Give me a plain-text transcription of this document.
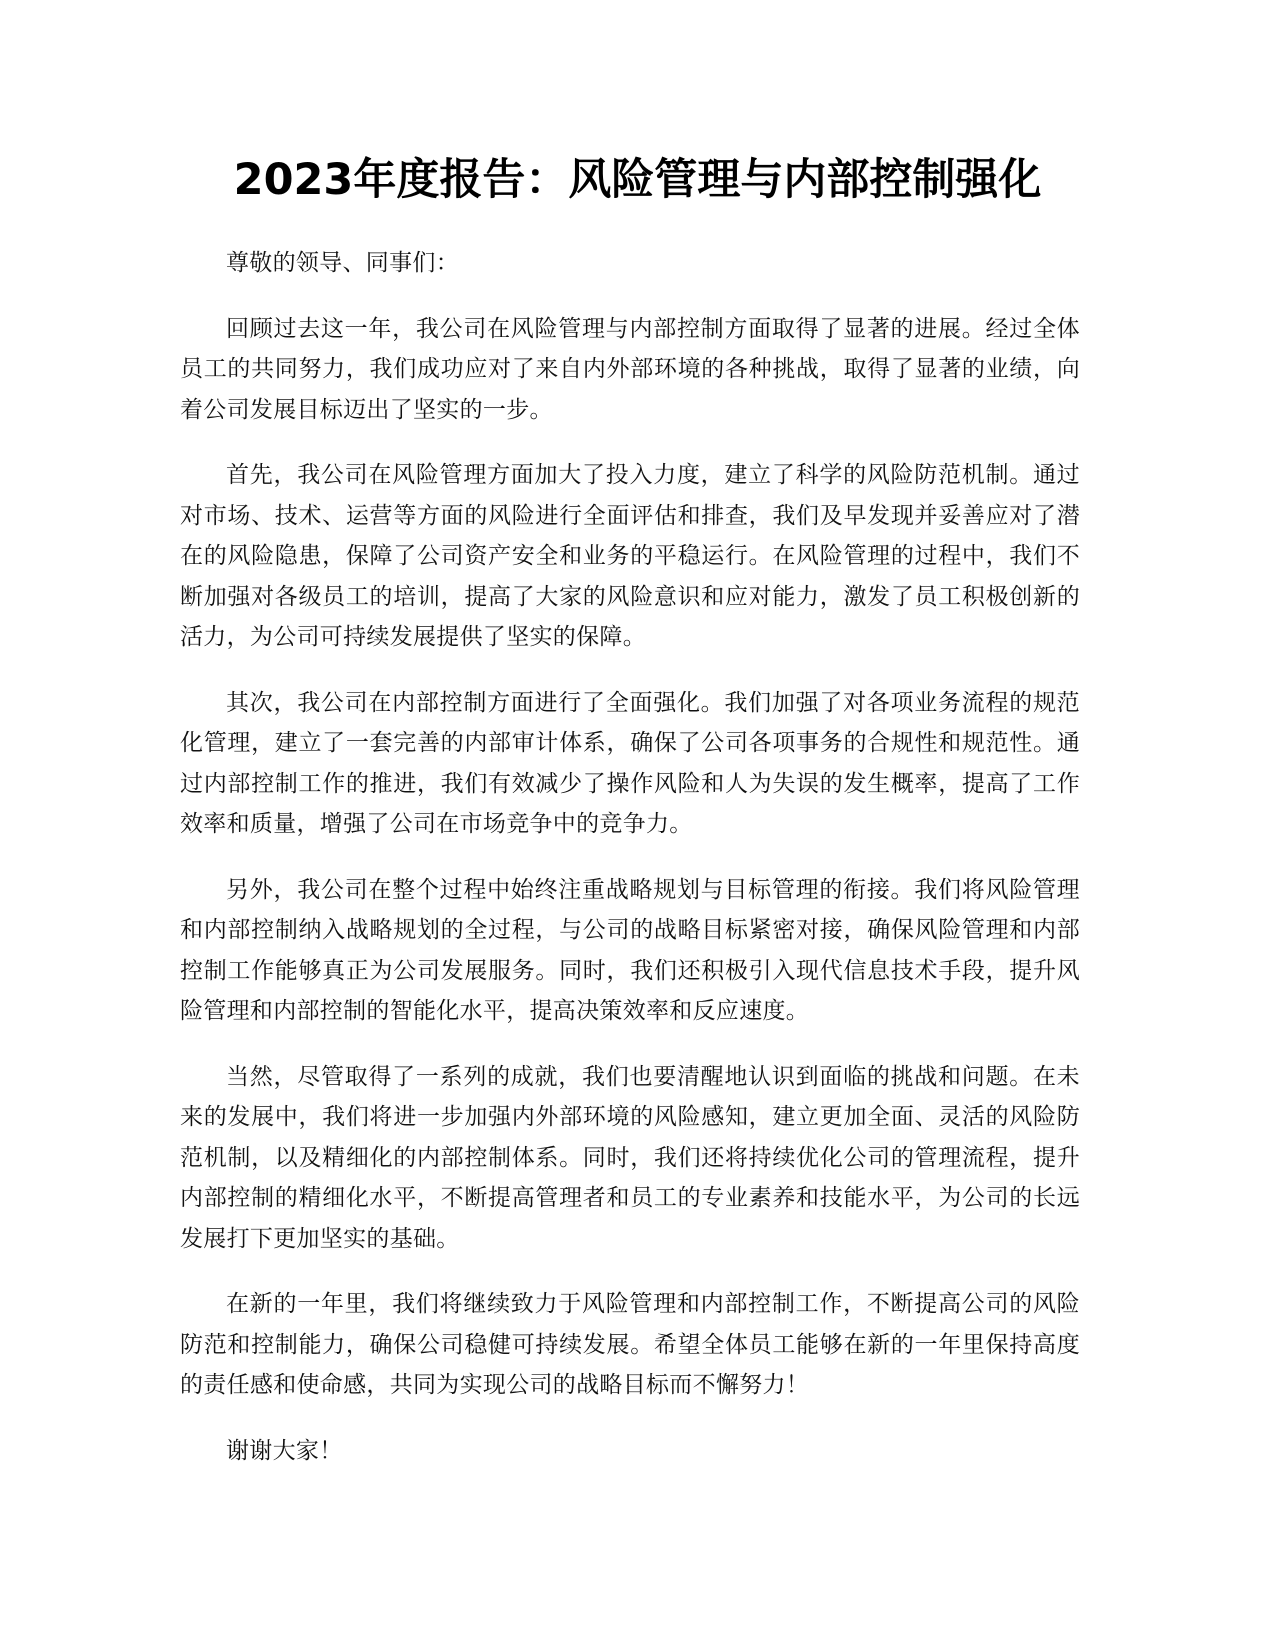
2023年度报告：风险管理与内部控制强化

尊敬的领导、同事们：

回顾过去这一年，我公司在风险管理与内部控制方面取得了显著的进展。经过全体员工的共同努力，我们成功应对了来自内外部环境的各种挑战，取得了显著的业绩，向着公司发展目标迈出了坚实的一步。

首先，我公司在风险管理方面加大了投入力度，建立了科学的风险防范机制。通过对市场、技术、运营等方面的风险进行全面评估和排查，我们及早发现并妥善应对了潜在的风险隐患，保障了公司资产安全和业务的平稳运行。在风险管理的过程中，我们不断加强对各级员工的培训，提高了大家的风险意识和应对能力，激发了员工积极创新的活力，为公司可持续发展提供了坚实的保障。

其次，我公司在内部控制方面进行了全面强化。我们加强了对各项业务流程的规范化管理，建立了一套完善的内部审计体系，确保了公司各项事务的合规性和规范性。通过内部控制工作的推进，我们有效减少了操作风险和人为失误的发生概率，提高了工作效率和质量，增强了公司在市场竞争中的竞争力。

另外，我公司在整个过程中始终注重战略规划与目标管理的衔接。我们将风险管理和内部控制纳入战略规划的全过程，与公司的战略目标紧密对接，确保风险管理和内部控制工作能够真正为公司发展服务。同时，我们还积极引入现代信息技术手段，提升风险管理和内部控制的智能化水平，提高决策效率和反应速度。

当然，尽管取得了一系列的成就，我们也要清醒地认识到面临的挑战和问题。在未来的发展中，我们将进一步加强内外部环境的风险感知，建立更加全面、灵活的风险防范机制，以及精细化的内部控制体系。同时，我们还将持续优化公司的管理流程，提升内部控制的精细化水平，不断提高管理者和员工的专业素养和技能水平，为公司的长远发展打下更加坚实的基础。

在新的一年里，我们将继续致力于风险管理和内部控制工作，不断提高公司的风险防范和控制能力，确保公司稳健可持续发展。希望全体员工能够在新的一年里保持高度的责任感和使命感，共同为实现公司的战略目标而不懈努力！

谢谢大家！
